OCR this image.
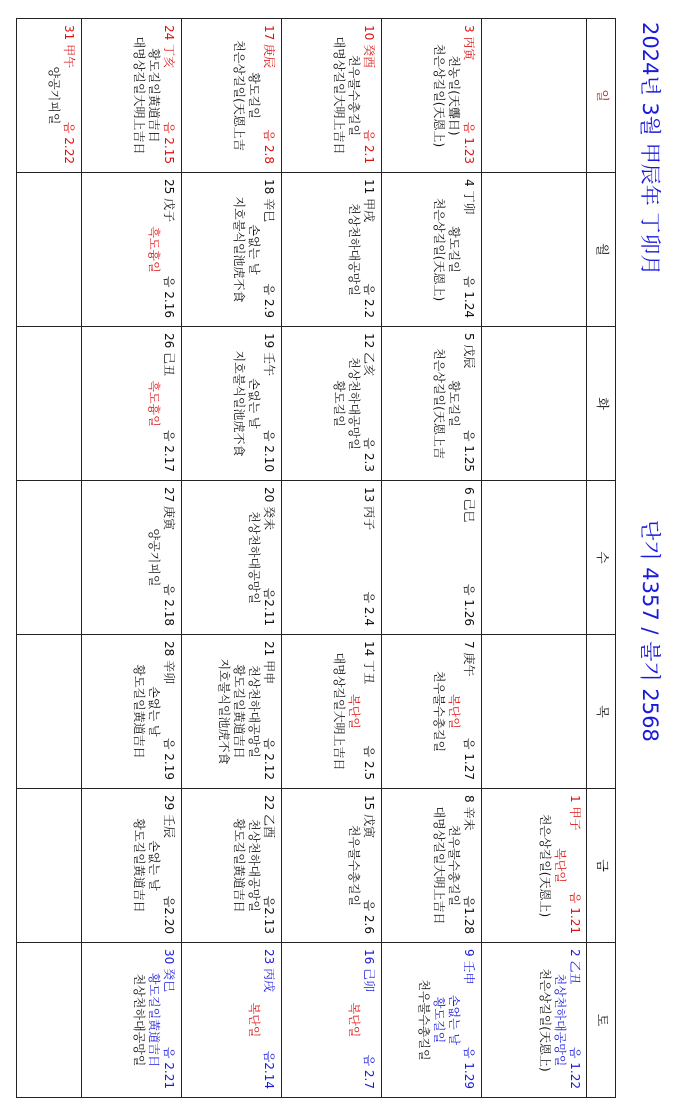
2024년 3월 甲辰年 丁卯月
단기 4357 / 불기 2568
일
월
화
수
목
금
토
1 甲子
음 1.21
복단일
천은상길일(天恩上)
2 乙丑
음 1.22
천상천하대공망일
천은상길일(天恩上)
3 丙寅
음 1.23
천농일(天聾日)
천은상길일(天恩上)
4 丁卯
음 1.24
황도길일
천은상길일(天恩上)
5 戊辰
음 1.25
황도길일
천은상길일(天恩上吉
6 己巳
음 1.26
7 庚午
음 1.27
복단일
천우불수총길일
8 辛未
음1.28
천우불수총길일
대명상길일大明上吉日
9 壬申
음 1.29
손없는 날
황도길일
천우불수총길일
10 癸酉
음 2.1
천우불수총길일
대명상길일大明上吉日
11 甲戌
음 2.2
천상천하대공망일
12 乙亥
음 2.3
천상천하대공망일
황도길일
13 丙子
음 2.4
14 丁丑
음 2.5
복단일
대명상길일大明上吉日
15 戊寅
음 2.6
천우불수총길일
16 己卯
음 2.7
복단일
17 庚辰
음 2.8
황도길일
천은상길일(天恩上吉
18 辛巳
음 2.9
손없는 날
지호불식일池虎不食
19 壬午
음 2.10
손없는 날
지호불식일池虎不食
20 癸未
음2.11
천상천하대공망일
21 甲申
음 2.12
천상천하대공망일
황도길일黃道吉日
지호불식일池虎不食
22 乙酉
음2.13
천상천하대공망일
황도길일黃道吉日
23 丙戌
음2.14
복단일
24 丁亥
음 2.15
황도길일黃道吉日
대명상길일大明上吉日
25 戊子
음 2.16
흑도흉일
26 己丑
음 2.17
흑도흉일
27 庚寅
음 2.18
양공기피일
28 辛卯
음 2.19
손없는 날
황도길일黃道吉日
29 壬辰
음2.20
손없는 날
황도길일黃道吉日
30 癸巳
음 2.21
황도길일黃道吉日
천상천하대공망일
31 甲午
음 2.22
양공기피일
